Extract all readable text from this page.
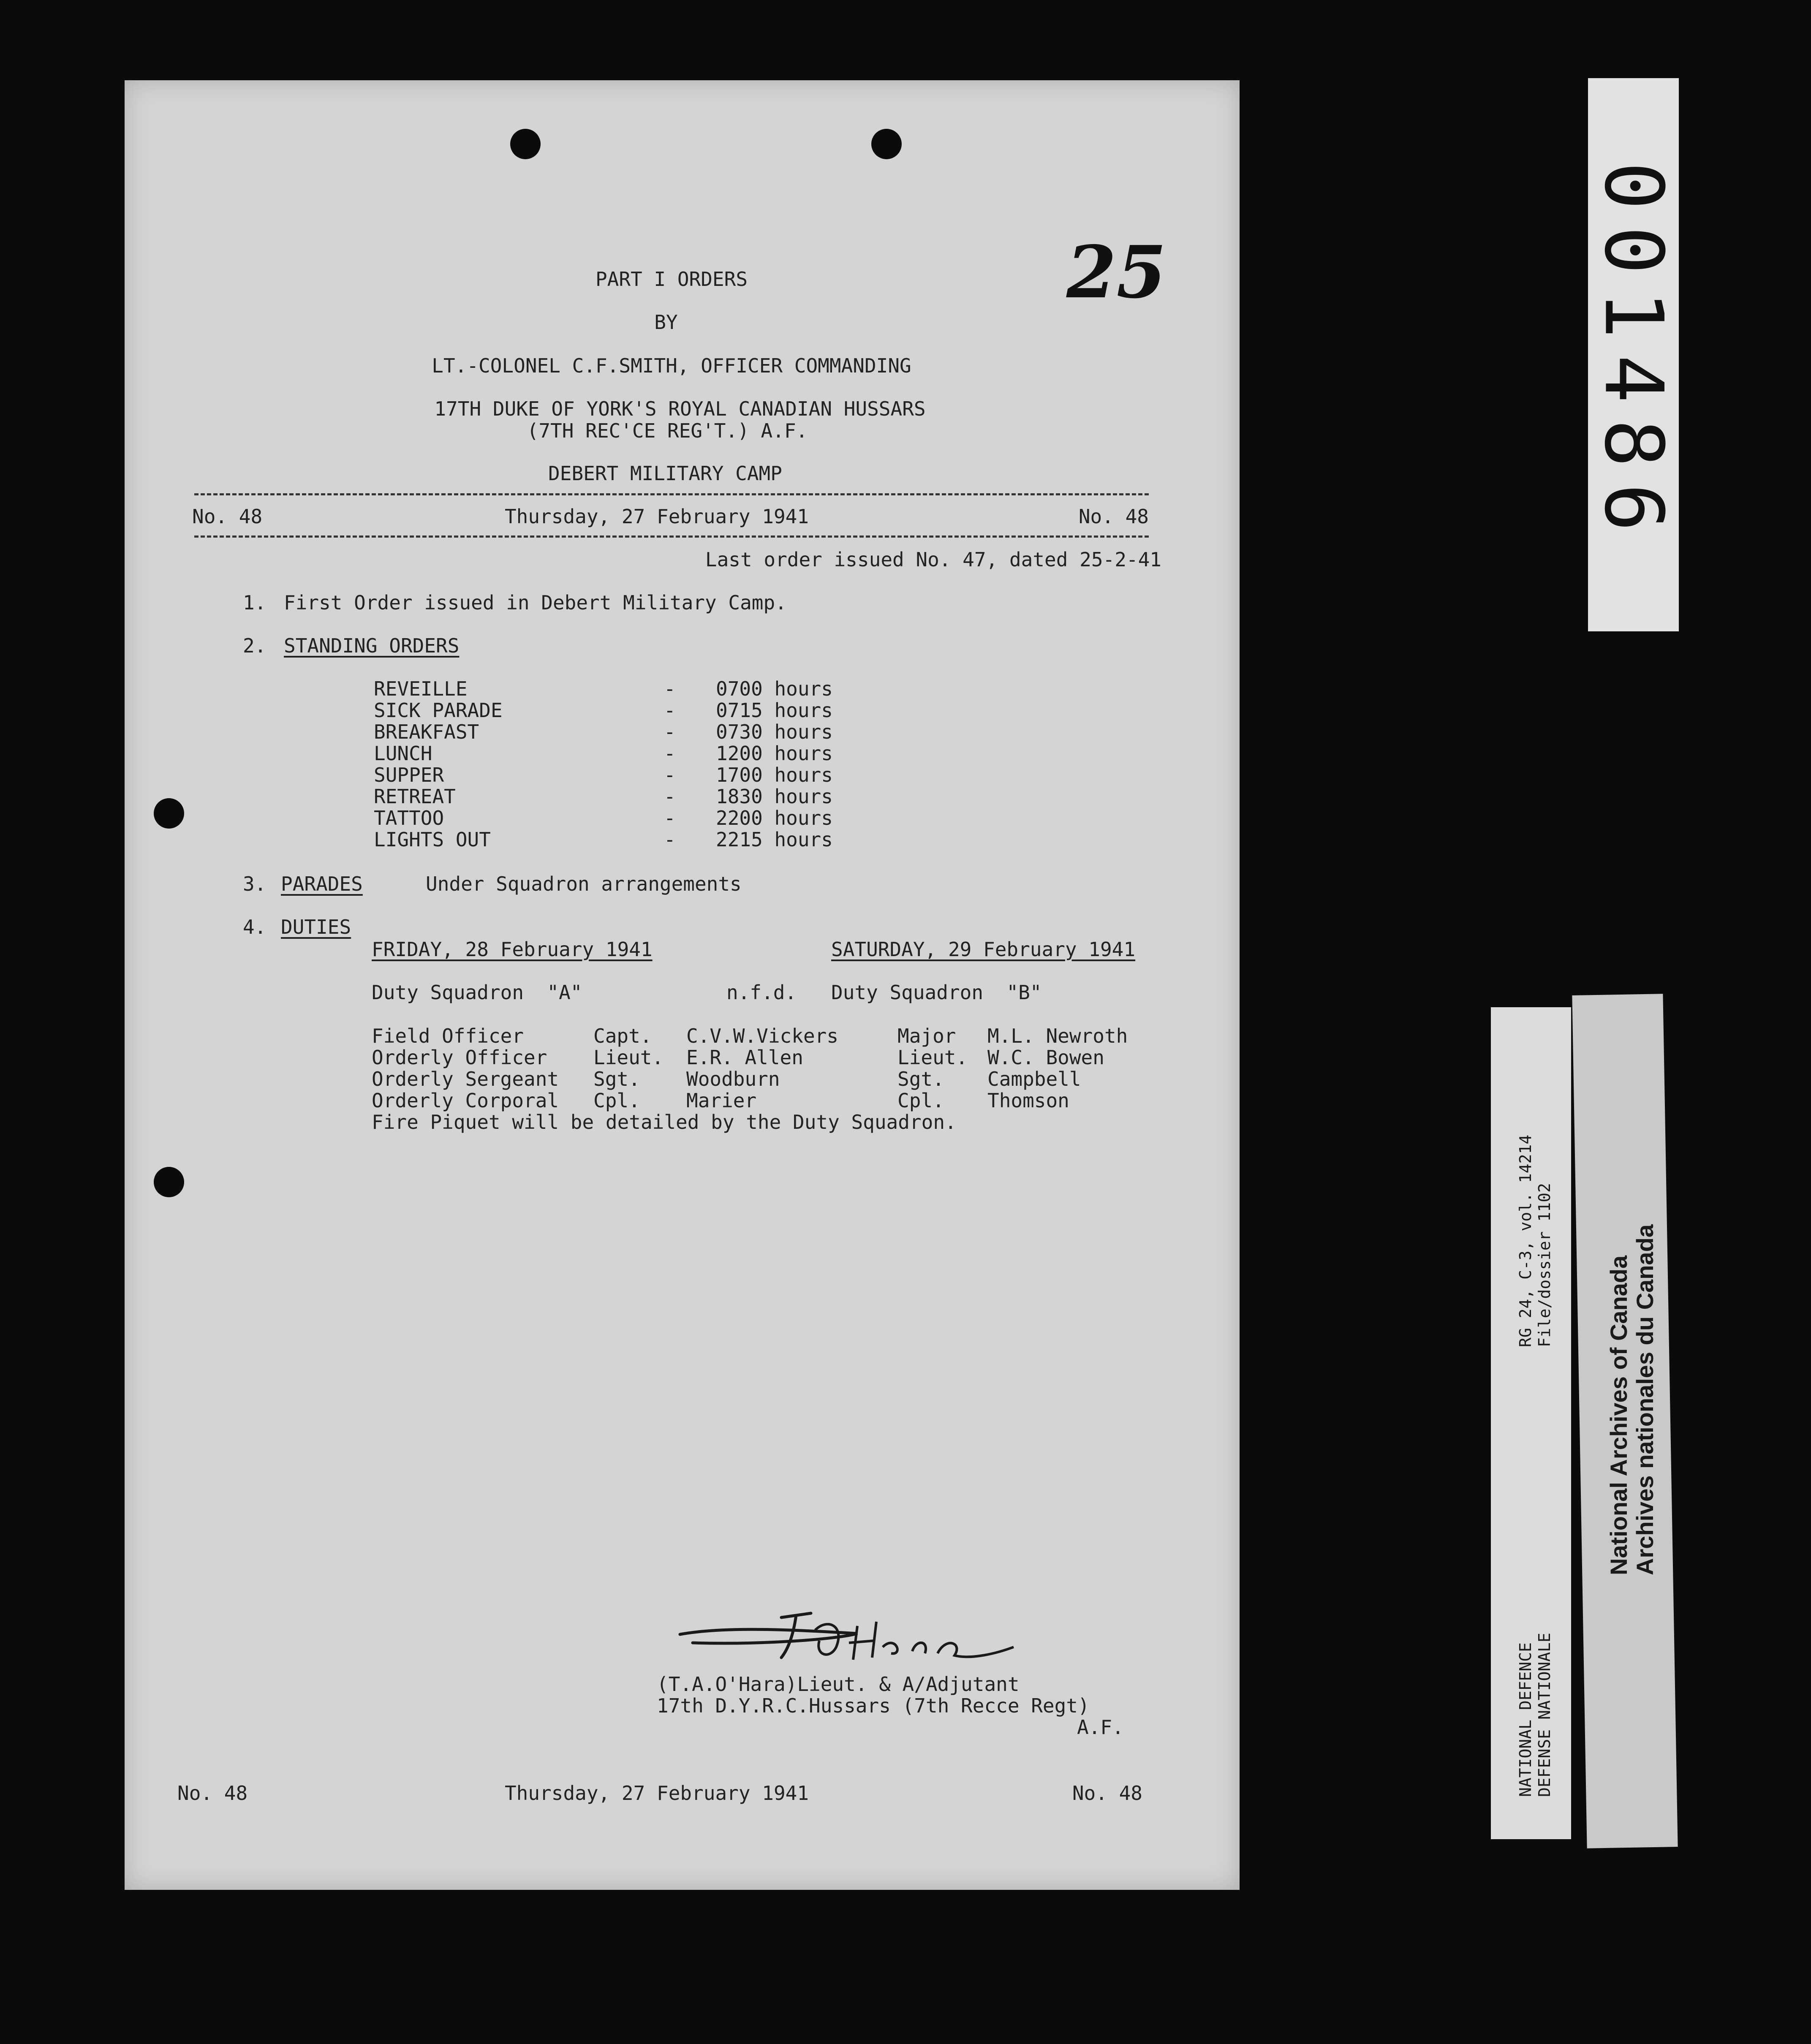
25
PART I ORDERS
BY
LT.-COLONEL C.F.SMITH, OFFICER COMMANDING
17TH DUKE OF YORK'S ROYAL CANADIAN HUSSARS
(7TH REC'CE REG'T.) A.F.
DEBERT MILITARY CAMP
No. 48	Thursday, 27 February 1941	No. 48
Last order issued No. 47, dated 25-2-41
1. First Order issued in Debert Military Camp.
2. STANDING ORDERS
REVEILLE	- 0700 hours
SICK PARADE	- 0715 hours
BREAKFAST	- 0730 hours
LUNCH	- 1200 hours
SUPPER	- 1700 hours
RETREAT	- 1830 hours
TATTOO	- 2200 hours
LIGHTS OUT	- 2215 hours
3. PARADES	Under Squadron arrangements
4. DUTIES
FRIDAY, 28 February 1941	SATURDAY, 29 February 1941
Duty Squadron  "A"	n.f.d. Duty Squadron  "B"
Field Officer	Capt. C.V.W.Vickers	Major M.L. Newroth
Orderly Officer Lieut. E.R. Allen	Lieut. W.C. Bowen
Orderly Sergeant Sgt. Woodburn	Sgt. Campbell
Orderly Corporal Cpl. Marier	Cpl. Thomson
Fire Piquet will be detailed by the Duty Squadron.
(T.A.O'Hara)Lieut. & A/Adjutant
17th D.Y.R.C.Hussars (7th Recce Regt)
A.F.
No. 48	Thursday, 27 February 1941	No. 48
001486
RG 24, C-3, vol. 14214 File/dossier 1102
NATIONAL DEFENCE DEFENSE NATIONALE
National Archives of Canada Archives nationales du Canada
